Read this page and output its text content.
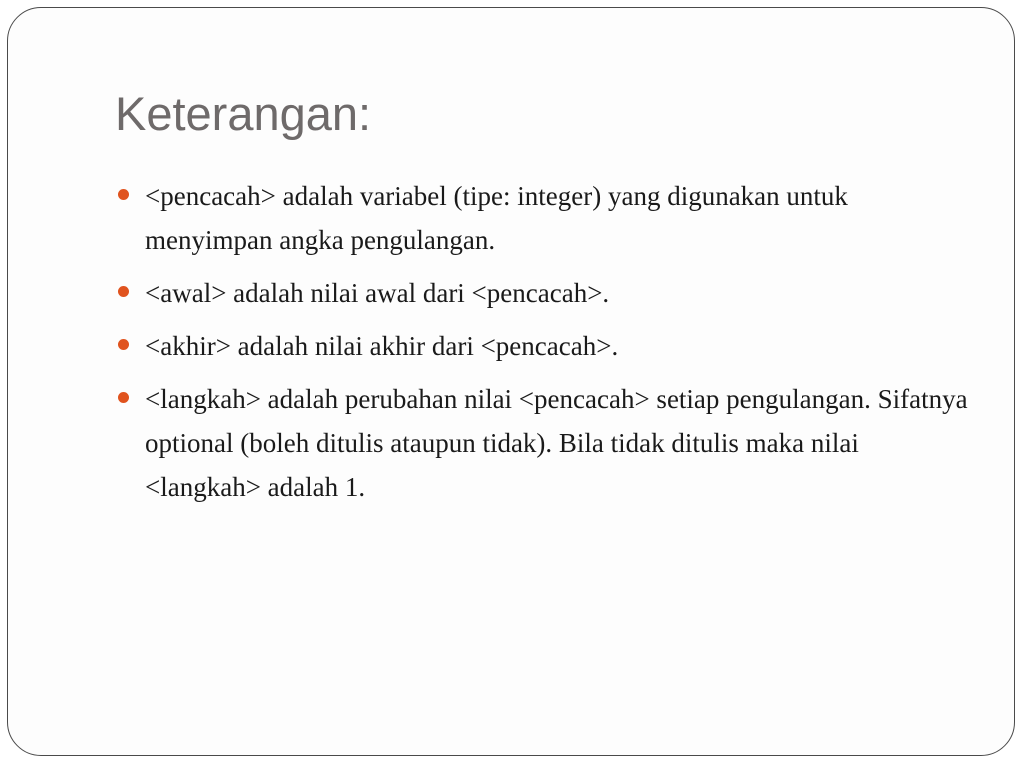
Keterangan:
<pencacah> adalah variabel (tipe: integer) yang digunakan untuk menyimpan angka pengulangan.
<awal> adalah nilai awal dari <pencacah>.
<akhir> adalah nilai akhir dari <pencacah>.
<langkah> adalah perubahan nilai <pencacah> setiap pengulangan. Sifatnya optional (boleh ditulis ataupun tidak). Bila tidak ditulis maka nilai <langkah> adalah 1.
